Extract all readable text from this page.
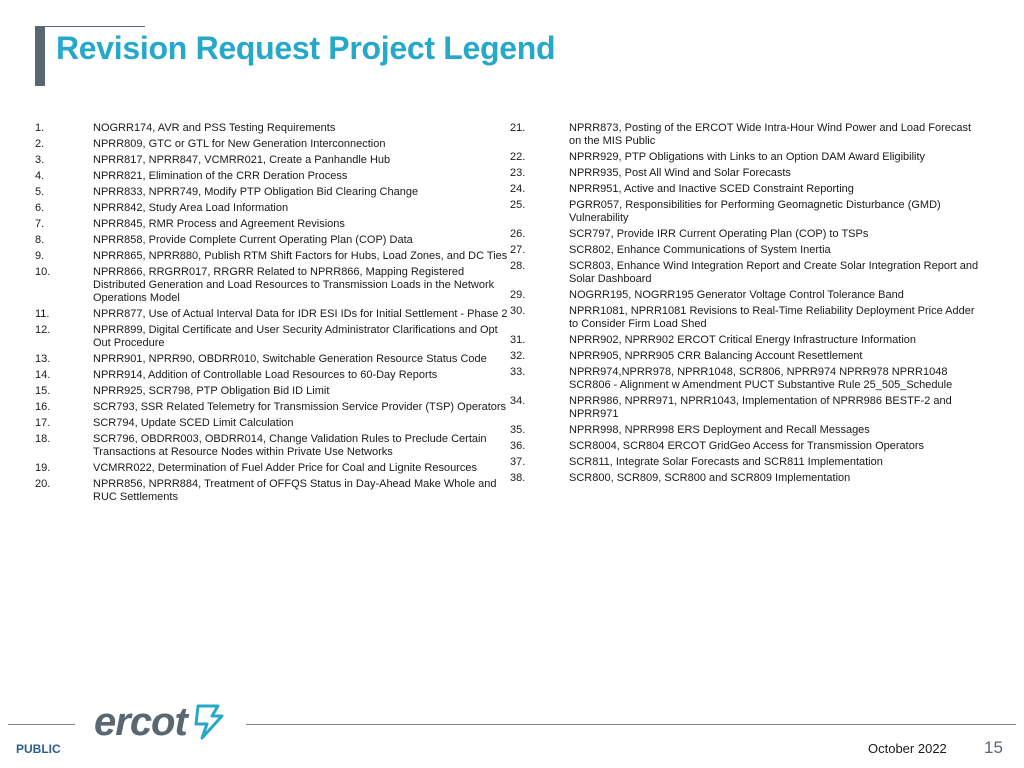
Revision Request Project Legend
1.	NOGRR174, AVR and PSS Testing Requirements
2.	NPRR809, GTC or GTL for New Generation Interconnection
3.	NPRR817, NPRR847, VCMRR021, Create a Panhandle Hub
4.	NPRR821, Elimination of the CRR Deration Process
5.	NPRR833, NPRR749, Modify PTP Obligation Bid Clearing Change
6.	NPRR842, Study Area Load Information
7.	NPRR845, RMR Process and Agreement Revisions
8.	NPRR858, Provide Complete Current Operating Plan (COP) Data
9.	NPRR865, NPRR880, Publish RTM Shift Factors for Hubs, Load Zones, and DC Ties
10.	NPRR866, RRGRR017, RRGRR Related to NPRR866, Mapping Registered Distributed Generation and Load Resources to Transmission Loads in the Network Operations Model
11.	NPRR877, Use of Actual Interval Data for IDR ESI IDs for Initial Settlement - Phase 2
12.	NPRR899, Digital Certificate and User Security Administrator Clarifications and Opt Out Procedure
13.	NPRR901, NPRR90, OBDRR010, Switchable Generation Resource Status Code
14.	NPRR914, Addition of Controllable Load Resources to 60-Day Reports
15.	NPRR925, SCR798, PTP Obligation Bid ID Limit
16.	SCR793, SSR Related Telemetry for Transmission Service Provider (TSP) Operators
17.	SCR794, Update SCED Limit Calculation
18.	SCR796, OBDRR003, OBDRR014, Change Validation Rules to Preclude Certain Transactions at Resource Nodes within Private Use Networks
19.	VCMRR022, Determination of Fuel Adder Price for Coal and Lignite Resources
20.	NPRR856, NPRR884, Treatment of OFFQS Status in Day-Ahead Make Whole and RUC Settlements
21.	NPRR873, Posting of the ERCOT Wide Intra-Hour Wind Power and Load Forecast on the MIS Public
22.	NPRR929, PTP Obligations with Links to an Option DAM Award Eligibility
23.	NPRR935, Post All Wind and Solar Forecasts
24.	NPRR951, Active and Inactive SCED Constraint Reporting
25.	PGRR057, Responsibilities for Performing Geomagnetic Disturbance (GMD) Vulnerability
26.	SCR797, Provide IRR Current Operating Plan (COP) to TSPs
27.	SCR802, Enhance Communications of System Inertia
28.	SCR803, Enhance Wind Integration Report and Create Solar Integration Report and Solar Dashboard
29.	NOGRR195, NOGRR195 Generator Voltage Control Tolerance Band
30.	NPRR1081, NPRR1081 Revisions to Real-Time Reliability Deployment Price Adder to Consider Firm Load Shed
31.	NPRR902, NPRR902 ERCOT Critical Energy Infrastructure Information
32.	NPRR905, NPRR905 CRR Balancing Account Resettlement
33.	NPRR974,NPRR978, NPRR1048, SCR806, NPRR974 NPRR978 NPRR1048 SCR806 - Alignment w Amendment PUCT Substantive Rule 25_505_Schedule
34.	NPRR986, NPRR971, NPRR1043, Implementation of NPRR986 BESTF-2 and NPRR971
35.	NPRR998, NPRR998 ERS Deployment and Recall Messages
36.	SCR8004, SCR804 ERCOT GridGeo Access for Transmission Operators
37.	SCR811, Integrate Solar Forecasts and SCR811 Implementation
38.	SCR800, SCR809, SCR800 and SCR809 Implementation
ercot
PUBLIC	October 2022 15
